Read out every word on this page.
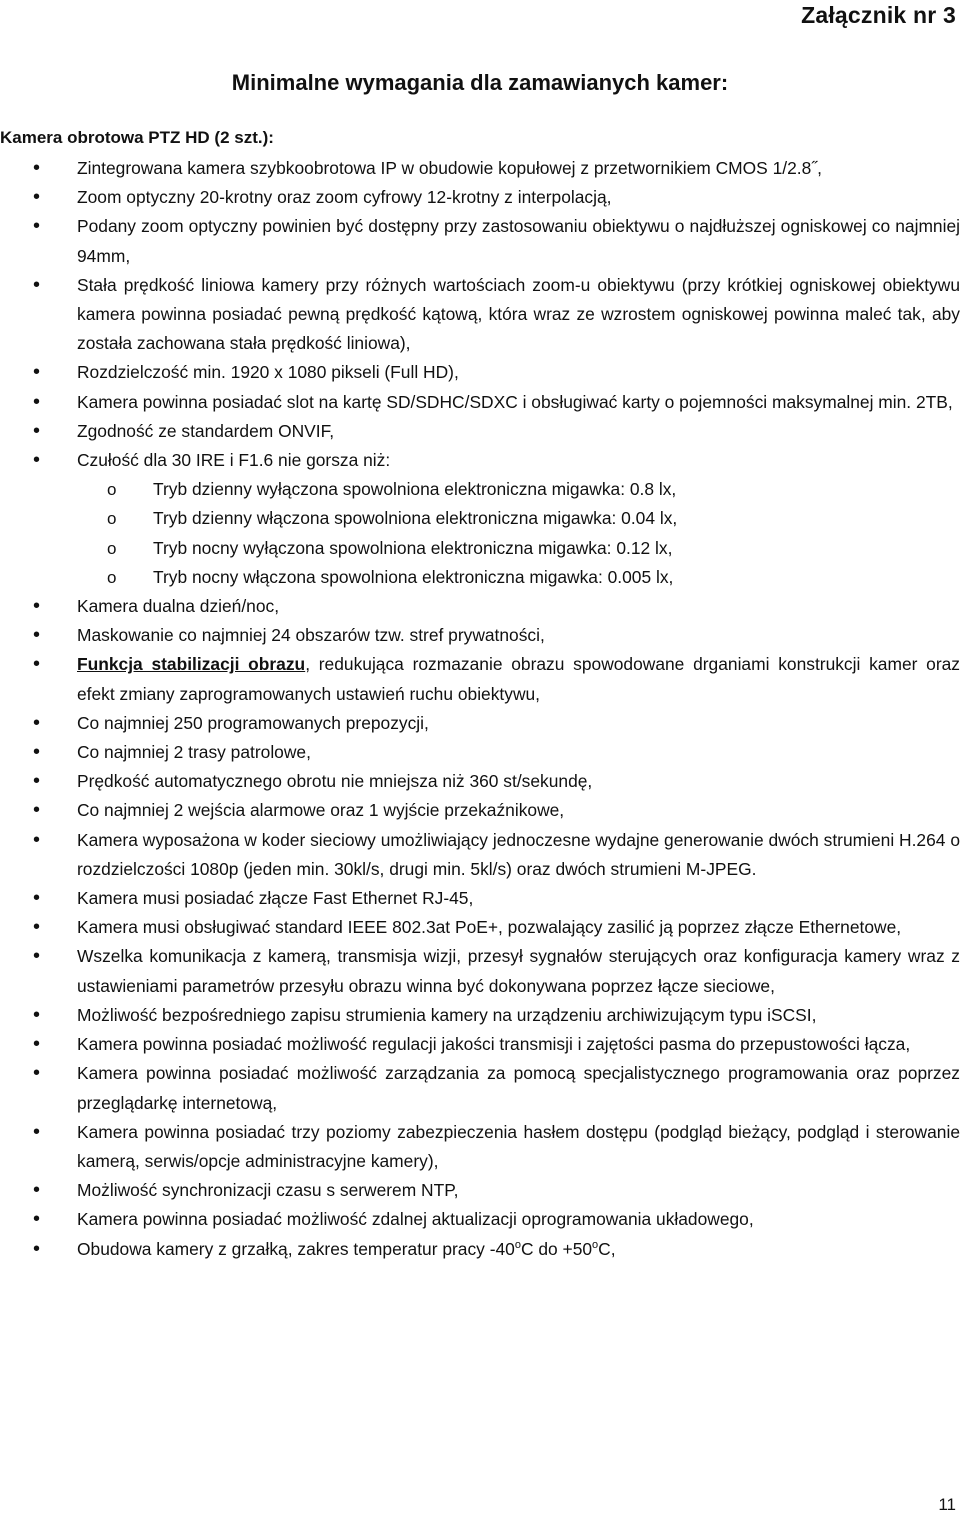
Załącznik nr 3
Minimalne wymagania dla zamawianych kamer:
Kamera obrotowa PTZ HD (2 szt.):
• Zintegrowana kamera szybkoobrotowa IP w obudowie kopułowej z przetwornikiem CMOS 1/2.8˝,
• Zoom optyczny 20-krotny oraz zoom cyfrowy 12-krotny z interpolacją,
• Podany zoom optyczny powinien być dostępny przy zastosowaniu obiektywu o najdłuższej ogniskowej co najmniej 94mm,
• Stała prędkość liniowa kamery przy różnych wartościach zoom-u obiektywu (przy krótkiej ogniskowej obiektywu kamera powinna posiadać pewną prędkość kątową, która wraz ze wzrostem ogniskowej powinna maleć tak, aby została zachowana stała prędkość liniowa),
• Rozdzielczość min. 1920 x 1080 pikseli (Full HD),
• Kamera powinna posiadać slot na kartę SD/SDHC/SDXC i obsługiwać karty o pojemności maksymalnej min. 2TB,
• Zgodność ze standardem ONVIF,
• Czułość dla 30 IRE i F1.6 nie gorsza niż:
o Tryb dzienny wyłączona spowolniona elektroniczna migawka: 0.8 lx,
o Tryb dzienny włączona spowolniona elektroniczna migawka: 0.04 lx,
o Tryb nocny wyłączona spowolniona elektroniczna migawka: 0.12 lx,
o Tryb nocny włączona spowolniona elektroniczna migawka: 0.005 lx,
• Kamera dualna dzień/noc,
• Maskowanie co najmniej 24 obszarów tzw. stref prywatności,
• Funkcja stabilizacji obrazu, redukująca rozmazanie obrazu spowodowane drganiami konstrukcji kamer oraz efekt zmiany zaprogramowanych ustawień ruchu obiektywu,
• Co najmniej 250 programowanych prepozycji,
• Co najmniej 2 trasy patrolowe,
• Prędkość automatycznego obrotu nie mniejsza niż 360 st/sekundę,
• Co najmniej 2 wejścia alarmowe oraz 1 wyjście przekaźnikowe,
• Kamera wyposażona w koder sieciowy umożliwiający jednoczesne wydajne generowanie dwóch strumieni H.264 o rozdzielczości 1080p (jeden min. 30kl/s, drugi min. 5kl/s) oraz dwóch strumieni M-JPEG.
• Kamera musi posiadać złącze Fast Ethernet RJ-45,
• Kamera musi obsługiwać standard IEEE 802.3at PoE+, pozwalający zasilić ją poprzez złącze Ethernetowe,
• Wszelka komunikacja z kamerą, transmisja wizji, przesył sygnałów sterujących oraz konfiguracja kamery wraz z ustawieniami parametrów przesyłu obrazu winna być dokonywana poprzez łącze sieciowe,
• Możliwość bezpośredniego zapisu strumienia kamery na urządzeniu archiwizującym typu iSCSI,
• Kamera powinna posiadać możliwość regulacji jakości transmisji i zajętości pasma do przepustowości łącza,
• Kamera powinna posiadać możliwość zarządzania za pomocą specjalistycznego programowania oraz poprzez przeglądarkę internetową,
• Kamera powinna posiadać trzy poziomy zabezpieczenia hasłem dostępu (podgląd bieżący, podgląd i sterowanie kamerą, serwis/opcje administracyjne kamery),
• Możliwość synchronizacji czasu s serwerem NTP,
• Kamera powinna posiadać możliwość zdalnej aktualizacji oprogramowania układowego,
• Obudowa kamery z grzałką, zakres temperatur pracy -40$^o$C do $+50^oC$,
11
